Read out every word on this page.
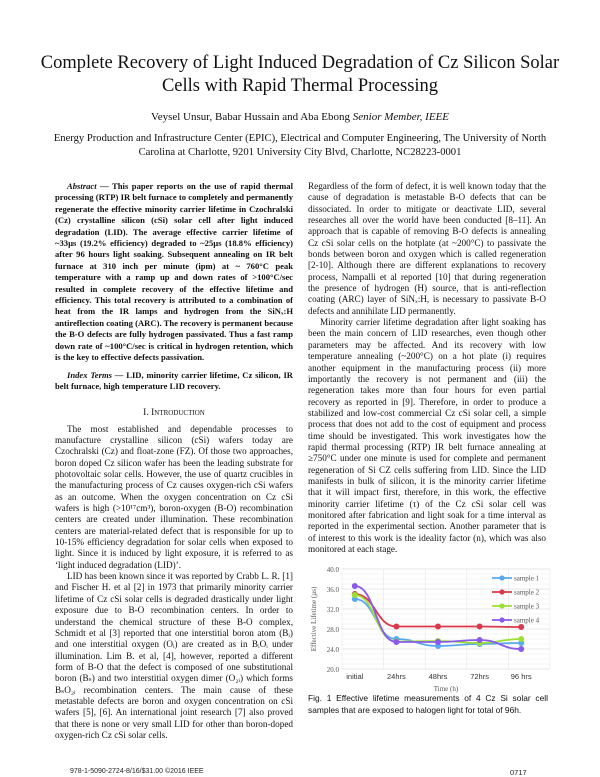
Complete Recovery of Light Induced Degradation of Cz Silicon Solar Cells with Rapid Thermal Processing
Veysel Unsur, Babar Hussain and Aba Ebong Senior Member, IEEE
Energy Production and Infrastructure Center (EPIC), Electrical and Computer Engineering, The University of North Carolina at Charlotte, 9201 University City Blvd, Charlotte, NC28223-0001

Abstract — This paper reports on the use of rapid thermal processing (RTP) IR belt furnace to completely and permanently regenerate the effective minority carrier lifetime in Czochralski (Cz) crystalline silicon (cSi) solar cell after light induced degradation (LID). The average effective carrier lifetime of ~33µs (19.2% efficiency) degraded to ~25µs (18.8% efficiency) after 96 hours light soaking. Subsequent annealing on IR belt furnace at 310 inch per minute (ipm) at ~ 760°C peak temperature with a ramp up and down rates of >100°C/sec resulted in complete recovery of the effective lifetime and efficiency. This total recovery is attributed to a combination of heat from the IR lamps and hydrogen from the SiNₓ:H antireflection coating (ARC). The recovery is permanent because the B-O defects are fully hydrogen passivated. Thus a fast ramp down rate of ~100°C/sec is critical in hydrogen retention, which is the key to effective defects passivation.

Index Terms — LID, minority carrier lifetime, Cz silicon, IR belt furnace, high temperature LID recovery.

I. Introduction

The most established and dependable processes to manufacture crystalline silicon (cSi) wafers today are Czochralski (Cz) and float-zone (FZ). Of those two approaches, boron doped Cz silicon wafer has been the leading substrate for photovoltaic solar cells. However, the use of quartz crucibles in the manufacturing process of Cz causes oxygen-rich cSi wafers as an outcome. When the oxygen concentration on Cz cSi wafers is high (>10¹⁷cm³), boron-oxygen (B-O) recombination centers are created under illumination. These recombination centers are material-related defect that is responsible for up to 10-15% efficiency degradation for solar cells when exposed to light. Since it is induced by light exposure, it is referred to as ‘light induced degradation (LID)’.

LID has been known since it was reported by Crabb L. R. [1] and Fischer H. et al [2] in 1973 that primarily minority carrier lifetime of Cz cSi solar cells is degraded drastically under light exposure due to B-O recombination centers. In order to understand the chemical structure of these B-O complex, Schmidt et al [3] reported that one interstitial boron atom (Bᵢ) and one interstitial oxygen (Oᵢ) are created as in BᵢOᵢ under illumination. Lim B. et al, [4], however, reported a different form of B-O that the defect is composed of one substitutional boron (Bₛ) and two interstitial oxygen dimer (O₂ᵢ) which forms BₛO₂ᵢ recombination centers. The main cause of these metastable defects are boron and oxygen concentration on cSi wafers [5], [6]. An international joint research [7] also proved that there is none or very small LID for other than boron-doped oxygen-rich Cz cSi solar cells.

Regardless of the form of defect, it is well known today that the cause of degradation is metastable B-O defects that can be dissociated. In order to mitigate or deactivate LID, several researches all over the world have been conducted [8–11]. An approach that is capable of removing B-O defects is annealing Cz cSi solar cells on the hotplate (at ~200°C) to passivate the bonds between boron and oxygen which is called regeneration [2-10]. Although there are different explanations to recovery process, Nampalli et al reported [10] that during regeneration the presence of hydrogen (H) source, that is anti-reflection coating (ARC) layer of SiNₓ:H, is necessary to passivate B-O defects and annihilate LID permanently.

Minority carrier lifetime degradation after light soaking has been the main concern of LID researches, even though other parameters may be affected. And its recovery with low temperature annealing (~200°C) on a hot plate (i) requires another equipment in the manufacturing process (ii) more importantly the recovery is not permanent and (iii) the regeneration takes more than four hours for even partial recovery as reported in [9]. Therefore, in order to produce a stabilized and low-cost commercial Cz cSi solar cell, a simple process that does not add to the cost of equipment and process time should be investigated. This work investigates how the rapid thermal processing (RTP) IR belt furnace annealing at ≥750°C under one minute is used for complete and permanent regeneration of Si CZ cells suffering from LID. Since the LID manifests in bulk of silicon, it is the minority carrier lifetime that it will impact first, therefore, in this work, the effective minority carrier lifetime (τ) of the Cz cSi solar cell was monitored after fabrication and light soak for a time interval as reported in the experimental section. Another parameter that is of interest to this work is the ideality factor (n), which was also monitored at each stage.

20.0
24.0
28.0
32.0
36.0
40.0
initial	24hrs	48hrs	72hrs	96 hrs
Time (h)
Effective Lifetime (µs)
sample 1
sample 2
sample 3
sample 4
Fig. 1 Effective lifetime measurements of 4 Cz Si solar cell samples that are exposed to halogen light for total of 96h.
978-1-5090-2724-8/16/$31.00 ©2016 IEEE	0717
